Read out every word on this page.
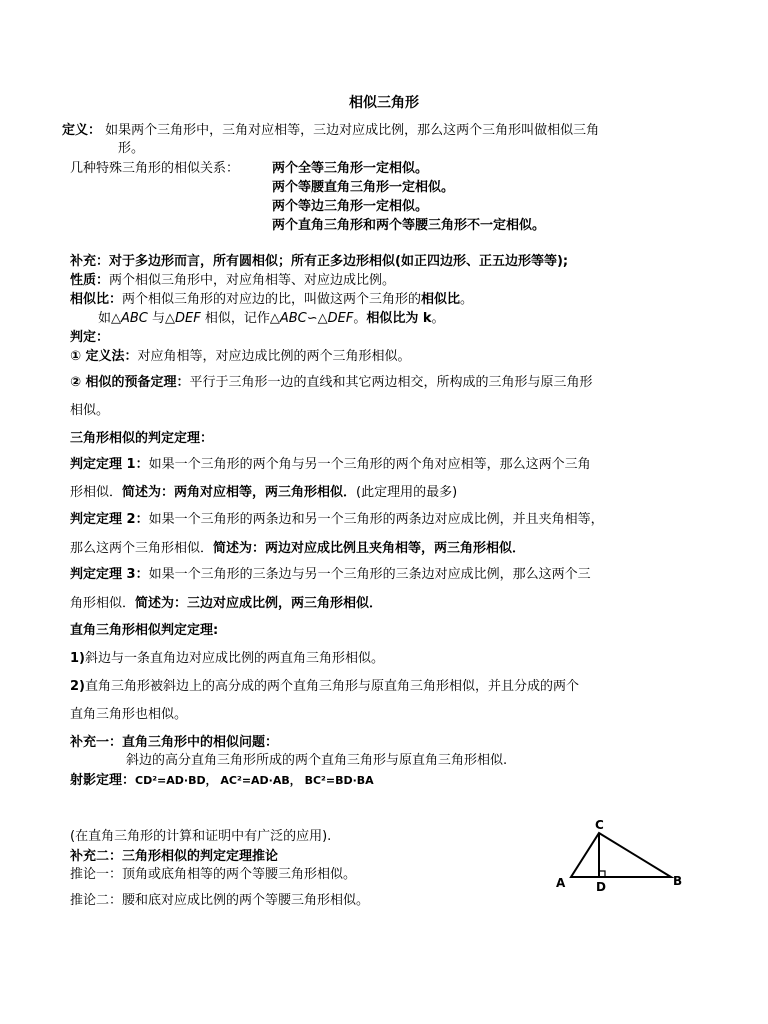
相似三角形
定义： 如果两个三角形中，三角对应相等，三边对应成比例，那么这两个三角形叫做相似三角
形。
几种特殊三角形的相似关系：	两个全等三角形一定相似。
两个等腰直角三角形一定相似。
两个等边三角形一定相似。
两个直角三角形和两个等腰三角形不一定相似。
补充：对于多边形而言，所有圆相似；所有正多边形相似(如正四边形、正五边形等等);
性质：两个相似三角形中，对应角相等、对应边成比例。
相似比：两个相似三角形的对应边的比，叫做这两个三角形的相似比。
如△ABC 与△DEF 相似，记作△ABC∽△DEF。相似比为 k。
判定：
① 定义法：对应角相等，对应边成比例的两个三角形相似。
② 相似的预备定理：平行于三角形一边的直线和其它两边相交，所构成的三角形与原三角形
相似。
三角形相似的判定定理：
判定定理 1：如果一个三角形的两个角与另一个三角形的两个角对应相等，那么这两个三角
形相似．简述为：两角对应相等，两三角形相似．(此定理用的最多)
判定定理 2：如果一个三角形的两条边和另一个三角形的两条边对应成比例，并且夹角相等，
那么这两个三角形相似．简述为：两边对应成比例且夹角相等，两三角形相似．
判定定理 3：如果一个三角形的三条边与另一个三角形的三条边对应成比例，那么这两个三
角形相似．简述为：三边对应成比例，两三角形相似．
直角三角形相似判定定理:
1)斜边与一条直角边对应成比例的两直角三角形相似。
2)直角三角形被斜边上的高分成的两个直角三角形与原直角三角形相似，并且分成的两个
直角三角形也相似。
补充一：直角三角形中的相似问题：
斜边的高分直角三角形所成的两个直角三角形与原直角三角形相似.
射影定理：CD²=AD·BD， AC²=AD·AB， BC²=BD·BA
(在直角三角形的计算和证明中有广泛的应用).
补充二：三角形相似的判定定理推论
推论一：顶角或底角相等的两个等腰三角形相似。
推论二：腰和底对应成比例的两个等腰三角形相似。
C
A	B
D
